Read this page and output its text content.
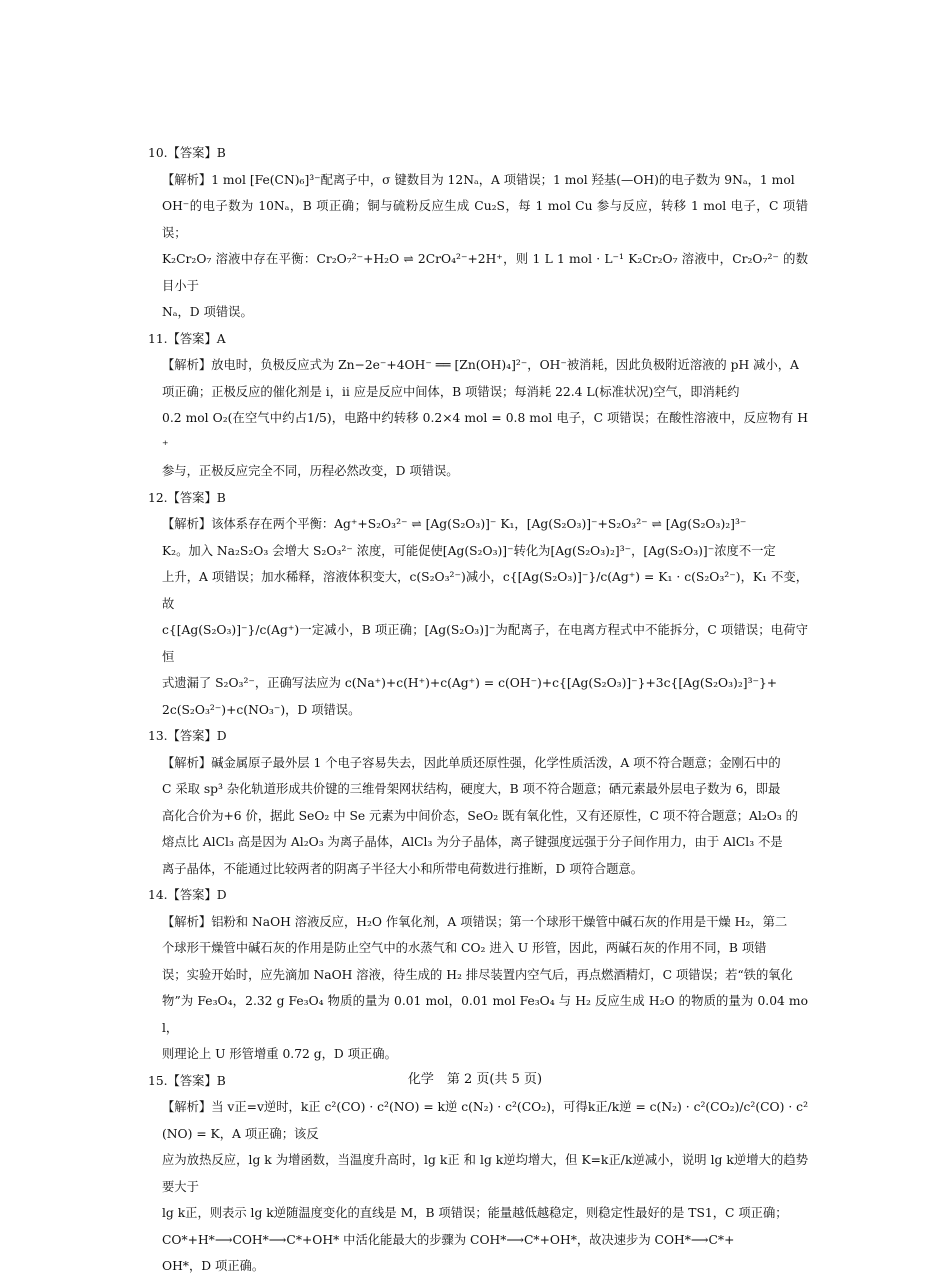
10.【答案】B
【解析】1 mol [Fe(CN)₆]³⁻配离子中，σ 键数目为 12Nₐ，A 项错误；1 mol 羟基(—OH)的电子数为 9Nₐ，1 mol
OH⁻的电子数为 10Nₐ，B 项正确；铜与硫粉反应生成 Cu₂S，每 1 mol Cu 参与反应，转移 1 mol 电子，C 项错误；
K₂Cr₂O₇ 溶液中存在平衡：Cr₂O₇²⁻+H₂O ⇌ 2CrO₄²⁻+2H⁺，则 1 L 1 mol · L⁻¹ K₂Cr₂O₇ 溶液中，Cr₂O₇²⁻ 的数目小于
Nₐ，D 项错误。
11.【答案】A
【解析】放电时，负极反应式为 Zn−2e⁻+4OH⁻ ══ [Zn(OH)₄]²⁻，OH⁻被消耗，因此负极附近溶液的 pH 减小，A
项正确；正极反应的催化剂是 i，ii 应是反应中间体，B 项错误；每消耗 22.4 L(标准状况)空气，即消耗约
0.2 mol O₂(在空气中约占1/5)，电路中约转移 0.2×4 mol = 0.8 mol 电子，C 项错误；在酸性溶液中，反应物有 H⁺
参与，正极反应完全不同，历程必然改变，D 项错误。
12.【答案】B
【解析】该体系存在两个平衡：Ag⁺+S₂O₃²⁻ ⇌ [Ag(S₂O₃)]⁻ K₁，[Ag(S₂O₃)]⁻+S₂O₃²⁻ ⇌ [Ag(S₂O₃)₂]³⁻
K₂。加入 Na₂S₂O₃ 会增大 S₂O₃²⁻ 浓度，可能促使[Ag(S₂O₃)]⁻转化为[Ag(S₂O₃)₂]³⁻，[Ag(S₂O₃)]⁻浓度不一定
上升，A 项错误；加水稀释，溶液体积变大，c(S₂O₃²⁻)减小，c{[Ag(S₂O₃)]⁻}/c(Ag⁺) = K₁ · c(S₂O₃²⁻)，K₁ 不变，故
c{[Ag(S₂O₃)]⁻}/c(Ag⁺)一定减小，B 项正确；[Ag(S₂O₃)]⁻为配离子，在电离方程式中不能拆分，C 项错误；电荷守恒
式遗漏了 S₂O₃²⁻，正确写法应为 c(Na⁺)+c(H⁺)+c(Ag⁺) = c(OH⁻)+c{[Ag(S₂O₃)]⁻}+3c{[Ag(S₂O₃)₂]³⁻}+
2c(S₂O₃²⁻)+c(NO₃⁻)，D 项错误。
13.【答案】D
【解析】碱金属原子最外层 1 个电子容易失去，因此单质还原性强，化学性质活泼，A 项不符合题意；金刚石中的
C 采取 sp³ 杂化轨道形成共价键的三维骨架网状结构，硬度大，B 项不符合题意；硒元素最外层电子数为 6，即最
高化合价为+6 价，据此 SeO₂ 中 Se 元素为中间价态，SeO₂ 既有氧化性，又有还原性，C 项不符合题意；Al₂O₃ 的
熔点比 AlCl₃ 高是因为 Al₂O₃ 为离子晶体，AlCl₃ 为分子晶体，离子键强度远强于分子间作用力，由于 AlCl₃ 不是
离子晶体，不能通过比较两者的阴离子半径大小和所带电荷数进行推断，D 项符合题意。
14.【答案】D
【解析】铝粉和 NaOH 溶液反应，H₂O 作氧化剂，A 项错误；第一个球形干燥管中碱石灰的作用是干燥 H₂，第二
个球形干燥管中碱石灰的作用是防止空气中的水蒸气和 CO₂ 进入 U 形管，因此，两碱石灰的作用不同，B 项错
误；实验开始时，应先滴加 NaOH 溶液，待生成的 H₂ 排尽装置内空气后，再点燃酒精灯，C 项错误；若“铁的氧化
物”为 Fe₃O₄，2.32 g Fe₃O₄ 物质的量为 0.01 mol，0.01 mol Fe₃O₄ 与 H₂ 反应生成 H₂O 的物质的量为 0.04 mol，
则理论上 U 形管增重 0.72 g，D 项正确。
15.【答案】B
【解析】当 v正=v逆时，k正 c²(CO) · c²(NO) = k逆 c(N₂) · c²(CO₂)，可得k正/k逆 = c(N₂) · c²(CO₂)/c²(CO) · c²(NO) = K，A 项正确；该反
应为放热反应，lg k 为增函数，当温度升高时，lg k正 和 lg k逆均增大，但 K=k正/k逆减小，说明 lg k逆增大的趋势要大于
lg k正，则表示 lg k逆随温度变化的直线是 M，B 项错误；能量越低越稳定，则稳定性最好的是 TS1，C 项正确；
CO*+H*⟶COH*⟶C*+OH* 中活化能最大的步骤为 COH*⟶C*+OH*，故决速步为 COH*⟶C*+
OH*，D 项正确。
化学　第 2 页(共 5 页)
